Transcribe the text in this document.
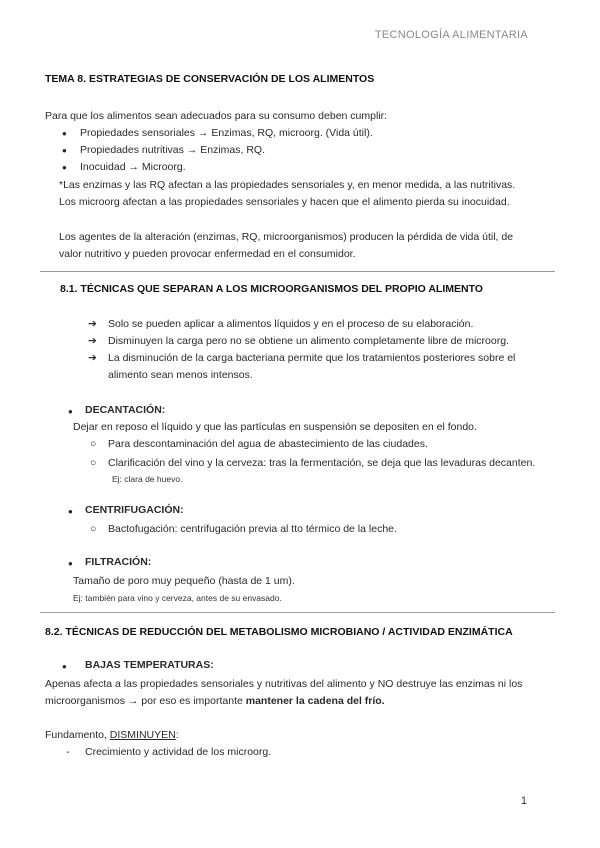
TECNOLOGÍA ALIMENTARIA
TEMA 8. ESTRATEGIAS DE CONSERVACIÓN DE LOS ALIMENTOS
Para que los alimentos sean adecuados para su consumo deben cumplir:
● Propiedades sensoriales → Enzimas, RQ, microorg. (Vida útil).
● Propiedades nutritivas → Enzimas, RQ.
● Inocuidad → Microorg.
*Las enzimas y las RQ afectan a las propiedades sensoriales y, en menor medida, a las nutritivas.
Los microorg afectan a las propiedades sensoriales y hacen que el alimento pierda su inocuidad.
Los agentes de la alteración (enzimas, RQ, microorganismos) producen la pérdida de vida útil, de
valor nutritivo y pueden provocar enfermedad en el consumidor.
8.1. TÉCNICAS QUE SEPARAN A LOS MICROORGANISMOS DEL PROPIO ALIMENTO
➔ Solo se pueden aplicar a alimentos líquidos y en el proceso de su elaboración.
➔ Disminuyen la carga pero no se obtiene un alimento completamente libre de microorg.
➔ La disminución de la carga bacteriana permite que los tratamientos posteriores sobre el
alimento sean menos intensos.
● DECANTACIÓN:
Dejar en reposo el líquido y que las partículas en suspensión se depositen en el fondo.
○ Para descontaminación del agua de abastecimiento de las ciudades.
○ Clarificación del vino y la cerveza: tras la fermentación, se deja que las levaduras decanten.
Ej: clara de huevo.
● CENTRIFUGACIÓN:
○ Bactofugación: centrifugación previa al tto térmico de la leche.
● FILTRACIÓN:
Tamaño de poro muy pequeño (hasta de 1 um).
Ej: también para vino y cerveza, antes de su envasado.
8.2. TÉCNICAS DE REDUCCIÓN DEL METABOLISMO MICROBIANO / ACTIVIDAD ENZIMÁTICA
● BAJAS TEMPERATURAS:
Apenas afecta a las propiedades sensoriales y nutritivas del alimento y NO destruye las enzimas ni los
microorganismos → por eso es importante mantener la cadena del frío.
Fundamento, DISMINUYEN:
- Crecimiento y actividad de los microorg.
1
